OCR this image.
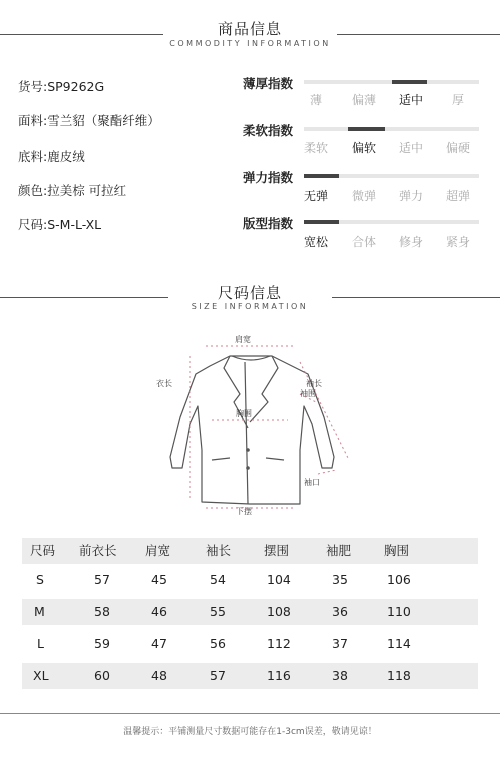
商品信息
COMMODITY INFORMATION
货号:SP9262G
面料:雪兰貂（聚酯纤维）
底料:鹿皮绒
颜色:拉美棕 可拉红
尺码:S-M-L-XL
薄厚指数
薄	偏薄	适中	厚
柔软指数
柔软	偏软	适中	偏硬
弹力指数
无弹	微弹	弹力	超弹
版型指数
宽松	合体	修身	紧身
尺码信息
SIZE INFORMATION
肩宽
衣长
胸围
袖长
袖围
袖口
下摆
尺码 前衣长 肩宽	袖长	摆围	袖肥	胸围
S	57	45	54	104	35	106
M	58	46	55	108	36	110
L	59	47	56	112	37	114
XL	60	48	57	116	38	118
温馨提示：平铺测量尺寸数据可能存在1-3cm误差，敬请见谅！
